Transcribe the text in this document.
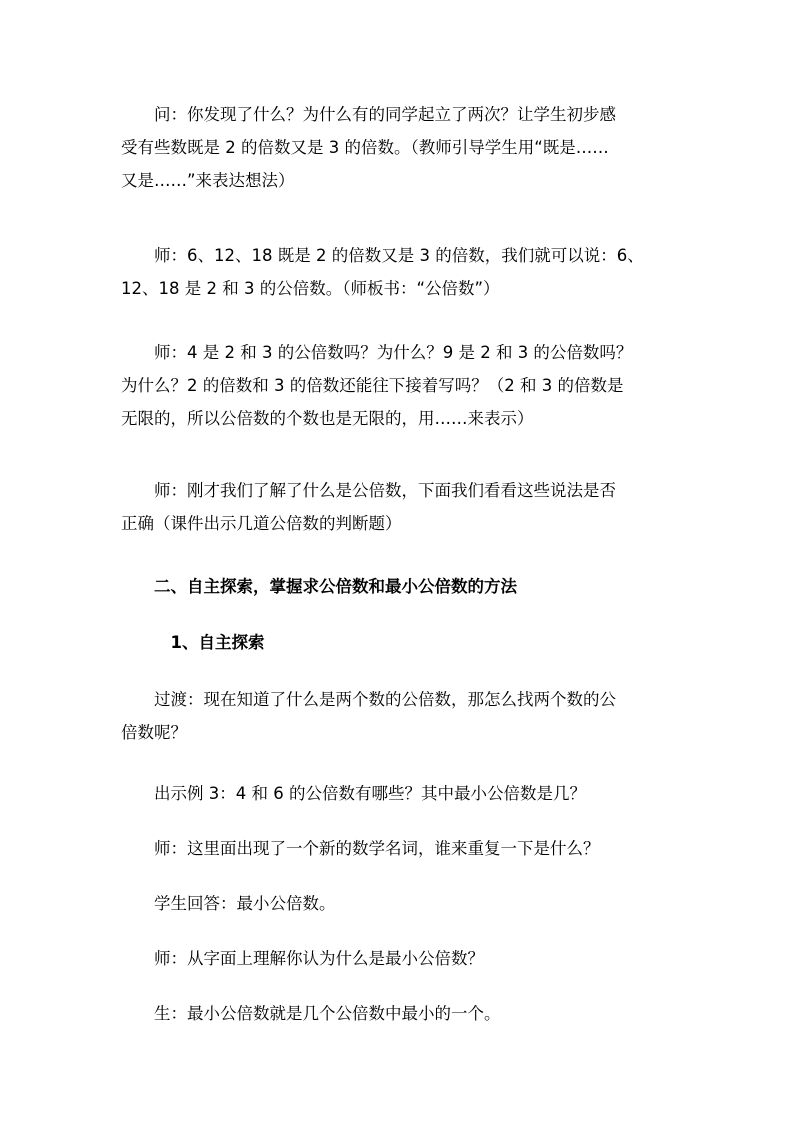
　　问：你发现了什么？为什么有的同学起立了两次？让学生初步感
受有些数既是 2 的倍数又是 3 的倍数。（教师引导学生用“既是……
又是……”来表达想法）

　　师：6、12、18 既是 2 的倍数又是 3 的倍数，我们就可以说：6、
12、18 是 2 和 3 的公倍数。（师板书：“公倍数”）

　　师：4 是 2 和 3 的公倍数吗？为什么？9 是 2 和 3 的公倍数吗？
为什么？2 的倍数和 3 的倍数还能往下接着写吗？（2 和 3 的倍数是
无限的，所以公倍数的个数也是无限的，用……来表示）

　　师：刚才我们了解了什么是公倍数，下面我们看看这些说法是否
正确（课件出示几道公倍数的判断题）

　　二、自主探索，掌握求公倍数和最小公倍数的方法

　　　1、自主探索

　　过渡：现在知道了什么是两个数的公倍数，那怎么找两个数的公
倍数呢？

　　出示例 3：4 和 6 的公倍数有哪些？其中最小公倍数是几？

　　师：这里面出现了一个新的数学名词，谁来重复一下是什么？

　　学生回答：最小公倍数。

　　师：从字面上理解你认为什么是最小公倍数？

　　生：最小公倍数就是几个公倍数中最小的一个。
